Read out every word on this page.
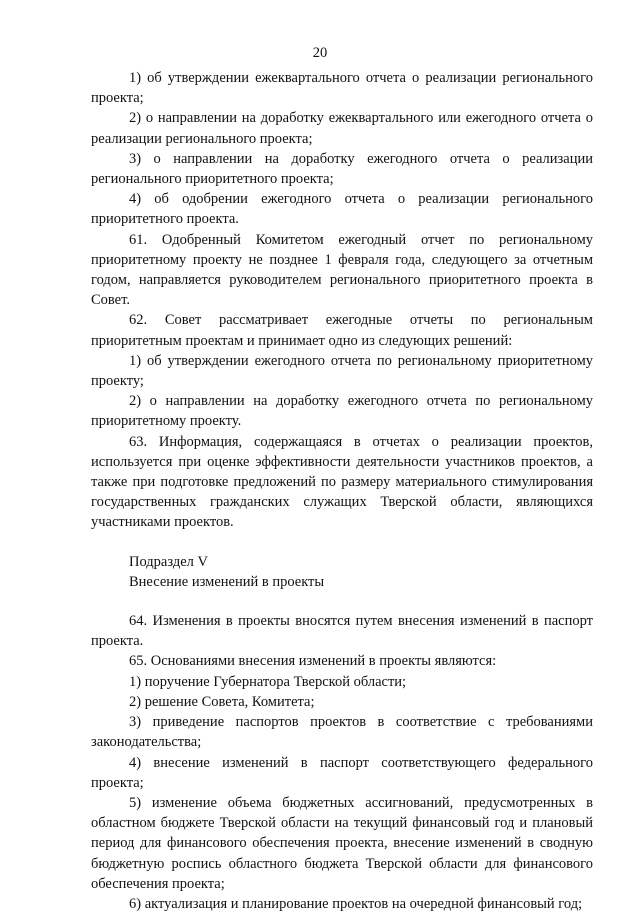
20

1) об утверждении ежеквартального отчета о реализации регионального проекта;

2) о направлении на доработку ежеквартального или ежегодного отчета о реализации регионального проекта;

3) о направлении на доработку ежегодного отчета о реализации регионального приоритетного проекта;

4) об одобрении ежегодного отчета о реализации регионального приоритетного проекта.

61. Одобренный Комитетом ежегодный отчет по региональному приоритетному проекту не позднее 1 февраля года, следующего за отчетным годом, направляется руководителем регионального приоритетного проекта в Совет.

62. Совет рассматривает ежегодные отчеты по региональным приоритетным проектам и принимает одно из следующих решений:

1) об утверждении ежегодного отчета по региональному приоритетному проекту;

2) о направлении на доработку ежегодного отчета по региональному приоритетному проекту.

63. Информация, содержащаяся в отчетах о реализации проектов, используется при оценке эффективности деятельности участников проектов, а также при подготовке предложений по размеру материального стимулирования государственных гражданских служащих Тверской области, являющихся участниками проектов.

Подраздел V

Внесение изменений в проекты

64. Изменения в проекты вносятся путем внесения изменений в паспорт проекта.

65. Основаниями внесения изменений в проекты являются:

1) поручение Губернатора Тверской области;

2) решение Совета, Комитета;

3) приведение паспортов проектов в соответствие с требованиями законодательства;

4) внесение изменений в паспорт соответствующего федерального проекта;

5) изменение объема бюджетных ассигнований, предусмотренных в областном бюджете Тверской области на текущий финансовый год и плановый период для финансового обеспечения проекта, внесение изменений в сводную бюджетную роспись областного бюджета Тверской области для финансового обеспечения проекта;

6) актуализация и планирование проектов на очередной финансовый год;
